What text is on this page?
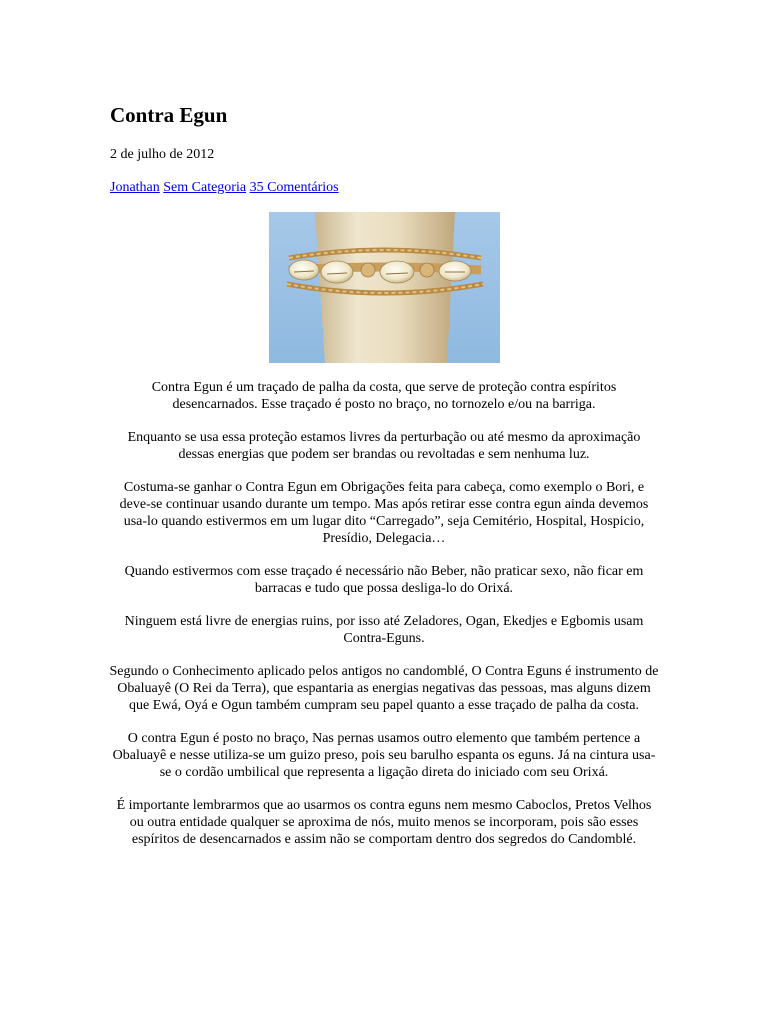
Contra Egun
2 de julho de 2012
Jonathan Sem Categoria 35 Comentários

Contra Egun é um traçado de palha da costa, que serve de proteção contra espíritos desencarnados. Esse traçado é posto no braço, no tornozelo e/ou na barriga.

Enquanto se usa essa proteção estamos livres da perturbação ou até mesmo da aproximação dessas energias que podem ser brandas ou revoltadas e sem nenhuma luz.

Costuma-se ganhar o Contra Egun em Obrigações feita para cabeça, como exemplo o Bori, e deve-se continuar usando durante um tempo. Mas após retirar esse contra egun ainda devemos usa-lo quando estivermos em um lugar dito “Carregado”, seja Cemitério, Hospital, Hospicio, Presídio, Delegacia…

Quando estivermos com esse traçado é necessário não Beber, não praticar sexo, não ficar em barracas e tudo que possa desliga-lo do Orixá.

Ninguem está livre de energias ruins, por isso até Zeladores, Ogan, Ekedjes e Egbomis usam Contra-Eguns.

Segundo o Conhecimento aplicado pelos antigos no candomblé, O Contra Eguns é instrumento de Obaluayê (O Rei da Terra), que espantaria as energias negativas das pessoas, mas alguns dizem que Ewá, Oyá e Ogun também cumpram seu papel quanto a esse traçado de palha da costa.

O contra Egun é posto no braço, Nas pernas usamos outro elemento que também pertence a Obaluayê e nesse utiliza-se um guizo preso, pois seu barulho espanta os eguns. Já na cintura usa-se o cordão umbilical que representa a ligação direta do iniciado com seu Orixá.

É importante lembrarmos que ao usarmos os contra eguns nem mesmo Caboclos, Pretos Velhos ou outra entidade qualquer se aproxima de nós, muito menos se incorporam, pois são esses espíritos de desencarnados e assim não se comportam dentro dos segredos do Candomblé.
